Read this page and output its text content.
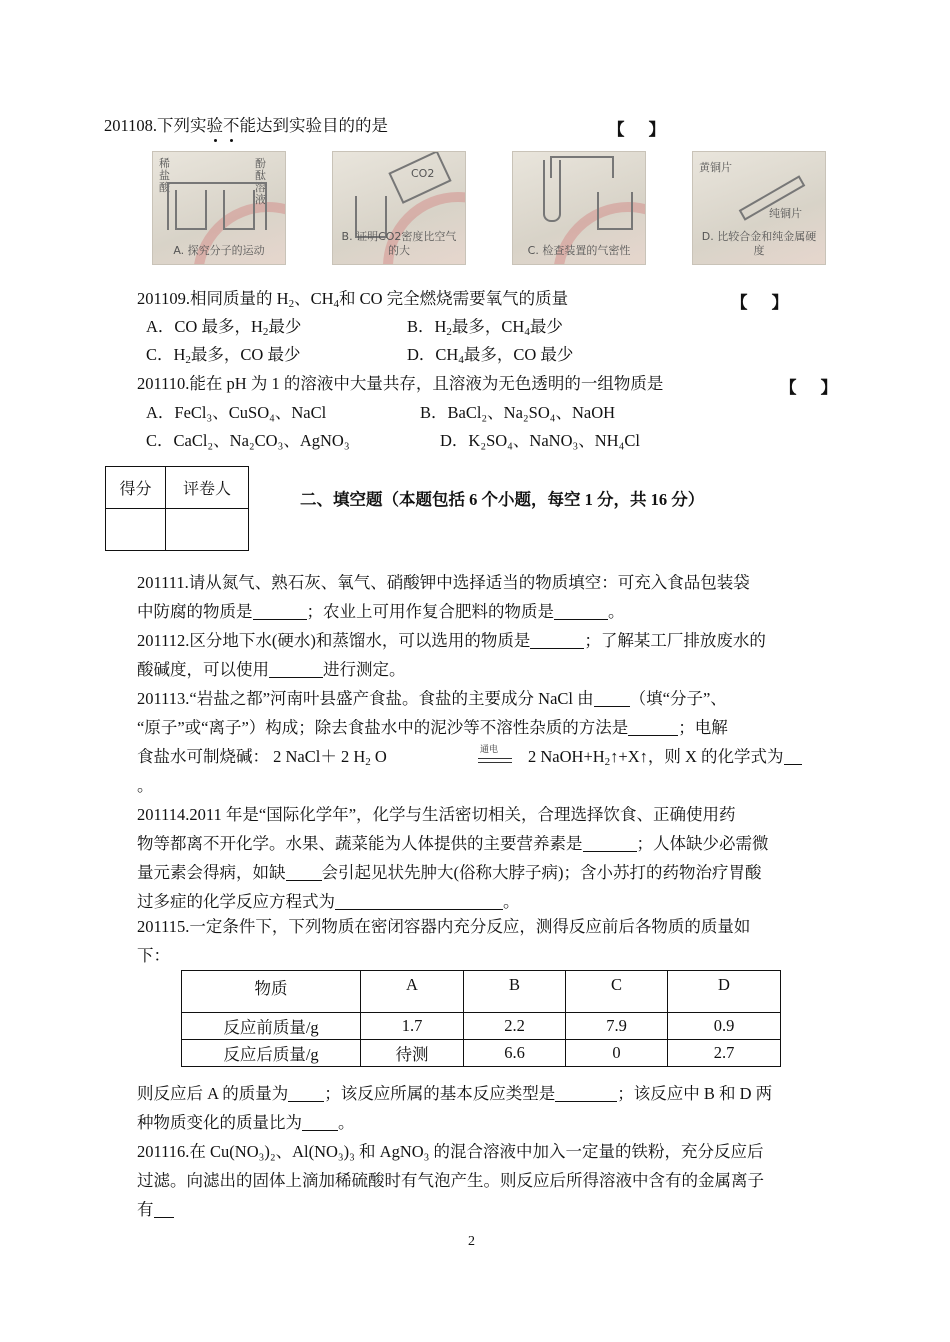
201108.下列实验不能达到实验目的的是	【 】
稀盐酸
酚酞溶液
A. 探究分子的运动
CO2
B. 证明CO2密度比空气的大	C. 检查装置的气密性
黄铜片
纯铜片
D. 比较合金和纯金属硬度
201109.相同质量的 $H_2$、$CH_4$和 CO 完全燃烧需要氧气的质量	【 】
A．CO 最多，$H_2$最少	B．$H_2$最多，$CH_4$最少
C．$H_2$最多，CO 最少	D．$CH_4$最多，CO 最少
201110.能在 pH 为 1 的溶液中大量共存，且溶液为无色透明的一组物质是	【 】
A．FeCl₃、CuSO₄、NaCl	B．BaCl₂、Na₂SO₄、NaOH
C．CaCl₂、Na₂CO₃、AgNO₃	D．K₂SO₄、NaNO₃、NH₄Cl
得分	评卷人

二、填空题（本题包括 6 个小题，每空 1 分，共 16 分）
201111.请从氮气、熟石灰、氧气、硝酸钾中选择适当的物质填空：可充入食品包装袋
中防腐的物质是	；农业上可用作复合肥料的物质是	。
201112.区分地下水(硬水)和蒸馏水，可以选用的物质是	；了解某工厂排放废水的
酸碱度，可以使用	进行测定。
201113.“岩盐之都”河南叶县盛产食盐。食盐的主要成分 NaCl 由 （填“分子”、
“原子”或“离子”）构成；除去食盐水中的泥沙等不溶性杂质的方法是	；电解
食盐水可制烧碱： 2 NaCl＋ 2 $H_2$ O	通电 2 $NaOH+H_2↑+X↑$，则 X 的化学式为
。
201114.2011 年是“国际化学年”，化学与生活密切相关，合理选择饮食、正确使用药
物等都离不开化学。水果、蔬菜能为人体提供的主要营养素是	；人体缺少必需微
量元素会得病，如缺 会引起见状先肿大(俗称大脖子病)；含小苏打的药物治疗胃酸
过多症的化学反应方程式为	。
201115.一定条件下，下列物质在密闭容器内充分反应，测得反应前后各物质的质量如
下：
物质	A	B	C	D
反应前质量/g	1.7	2.2	7.9	0.9
反应后质量/g	待测	6.6	0	2.7
则反应后 A 的质量为 ；该反应所属的基本反应类型是	；该反应中 B 和 D 两
种物质变化的质量比为 。
201116.在 Cu(NO₃)₂、Al(NO₃)₃ 和 AgNO₃ 的混合溶液中加入一定量的铁粉，充分反应后
过滤。向滤出的固体上滴加稀硫酸时有气泡产生。则反应后所得溶液中含有的金属离子
有
2
